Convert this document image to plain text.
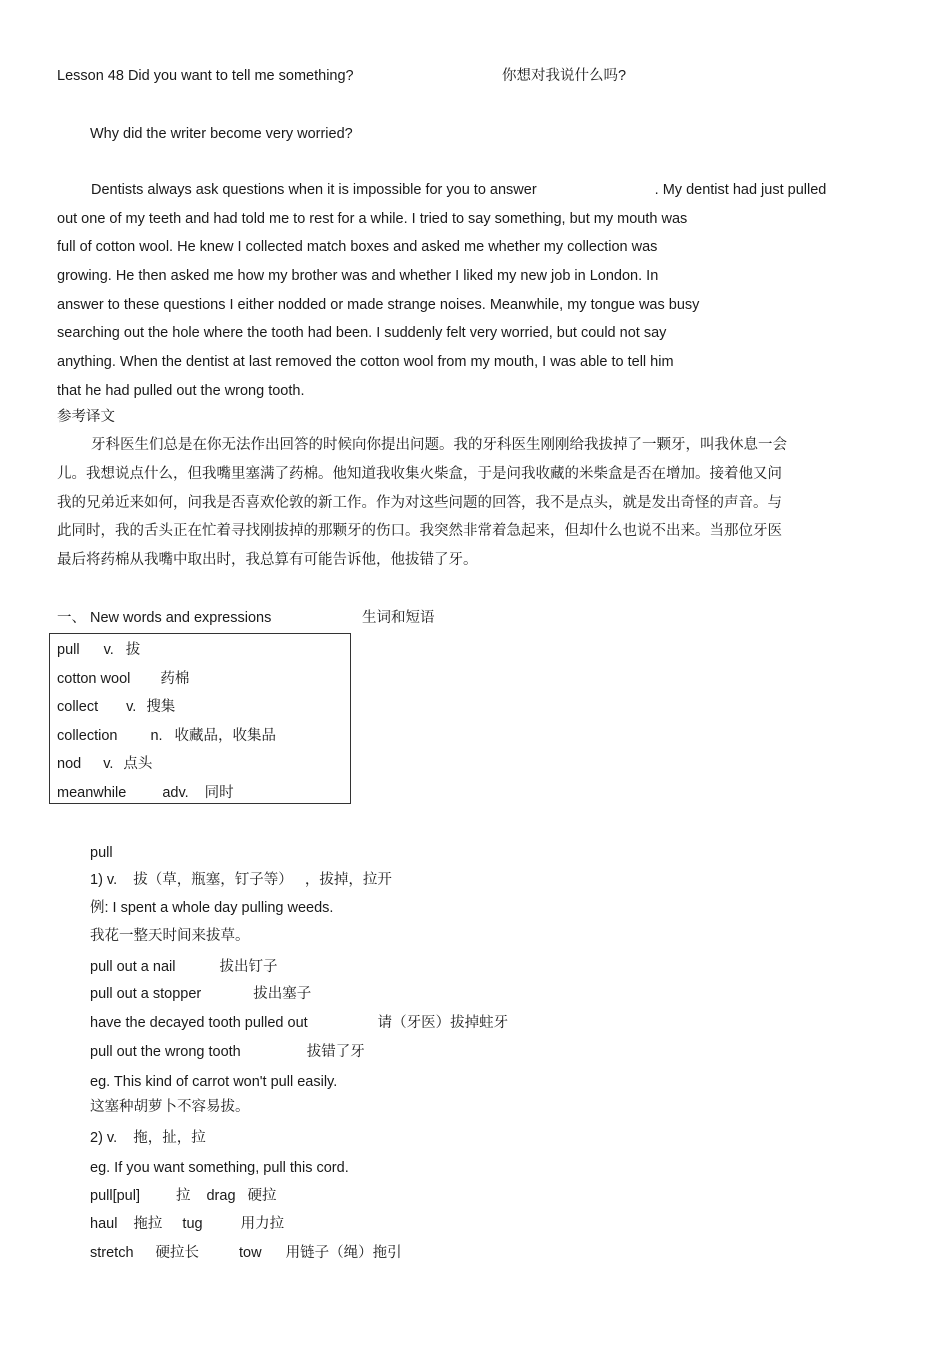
Lesson 48 Did you want to tell me something?	你想对我说什么吗?
Why did the writer become very worried?
Dentists always ask questions when it is impossible for you to answer	. My dentist had just pulled
out one of my teeth and had told me to rest for a while. I tried to say something, but my mouth was
full of cotton wool. He knew I collected match boxes and asked me whether my collection was
growing. He then asked me how my brother was and whether I liked my new job in London. In
answer to these questions I either nodded or made strange noises. Meanwhile, my tongue was busy
searching out the hole where the tooth had been. I suddenly felt very worried, but could not say
anything. When the dentist at last removed the cotton wool from my mouth, I was able to tell him
that he had pulled out the wrong tooth.
参考译文
牙科医生们总是在你无法作出回答的时候向你提出问题。我的牙科医生刚刚给我拔掉了一颗牙，叫我休息一会
儿。我想说点什么，但我嘴里塞满了药棉。他知道我收集火柴盒，于是问我收藏的米柴盒是否在增加。接着他又问
我的兄弟近来如何，问我是否喜欢伦敦的新工作。作为对这些问题的回答，我不是点头，就是发出奇怪的声音。与
此同时，我的舌头正在忙着寻找刚拔掉的那颗牙的伤口。我突然非常着急起来，但却什么也说不出来。当那位牙医
最后将药棉从我嘴中取出时，我总算有可能告诉他，他拔错了牙。
一、 New words and expressions	生词和短语
pull v. 拔
cotton wool 药棉
collect v. 搜集
collection n. 收藏品，收集品
nod v. 点头
meanwhile adv. 同时
pull
1) v.    拔（草，瓶塞，钉子等）   ，拔掉，拉开
例: I spent a whole day pulling weeds.
我花一整天时间来拔草。
pull out a nail	拔出钉子
pull out a stopper	拔出塞子
have the decayed tooth pulled out	请（牙医）拔掉蛀牙
pull out the wrong tooth	拔错了牙
eg. This kind of carrot won't pull easily.
这塞种胡萝卜不容易拔。
2) v.    拖，扯，拉
eg. If you want something, pull this cord.
pull[pul] 拉 drag 硬拉
haul 拖拉 tug	用力拉
stretch 硬拉长	tow 用链子（绳）拖引
